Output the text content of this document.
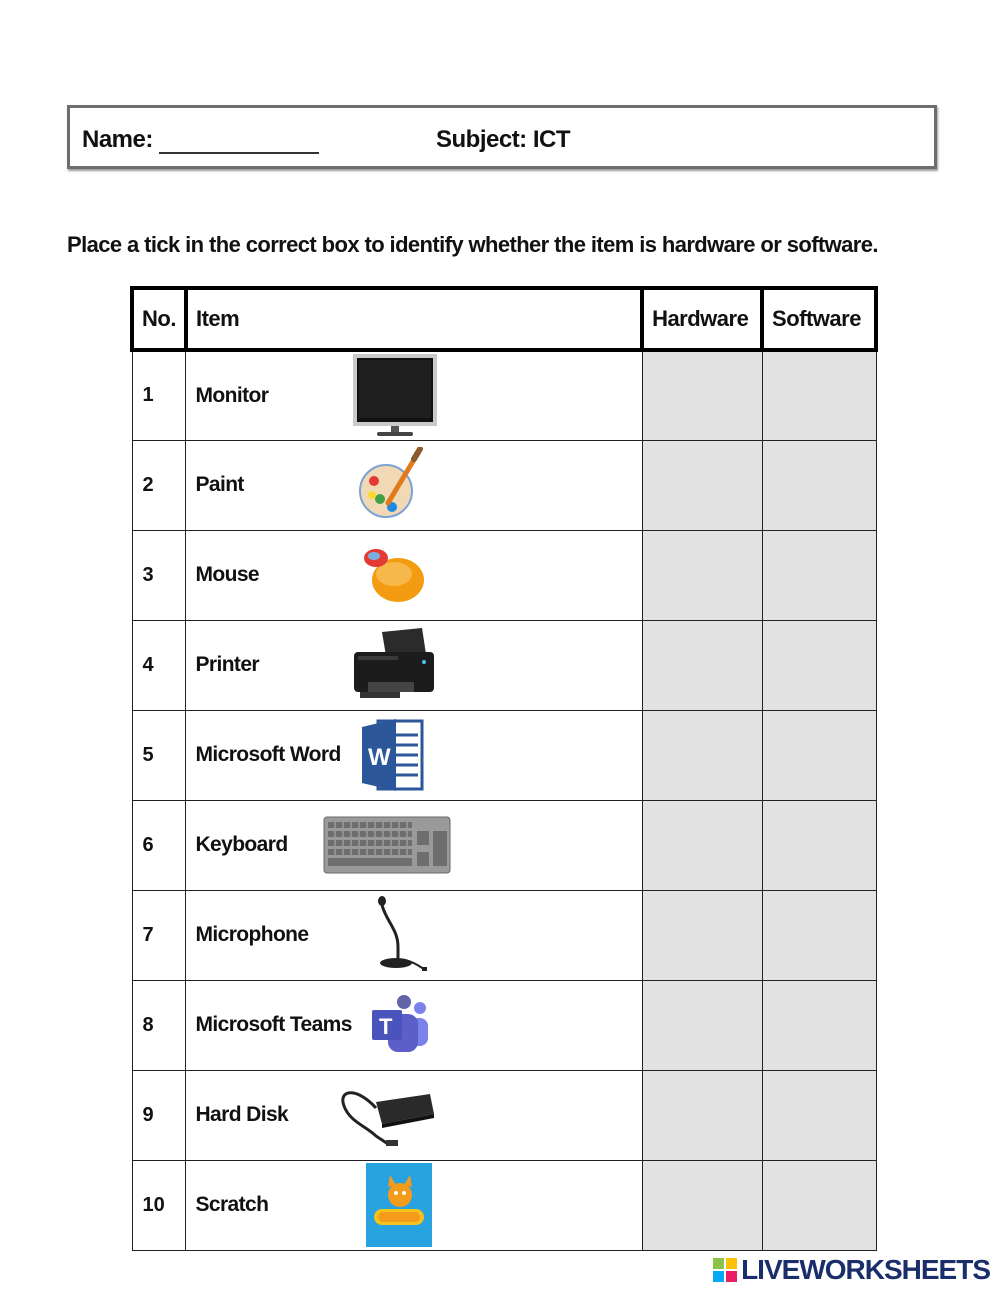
Name:	Subject: ICT
Place a tick in the correct box to identify whether the item is hardware or software.
No.	Item	Hardware	Software
1	Monitor		

2	Paint		

3	Mouse		

4	Printer		

5	Microsoft Word W		

6	Keyboard		

7	Microphone		

8	Microsoft Teams T		

9	Hard Disk		

10	Scratch		

LIVEWORKSHEETS
